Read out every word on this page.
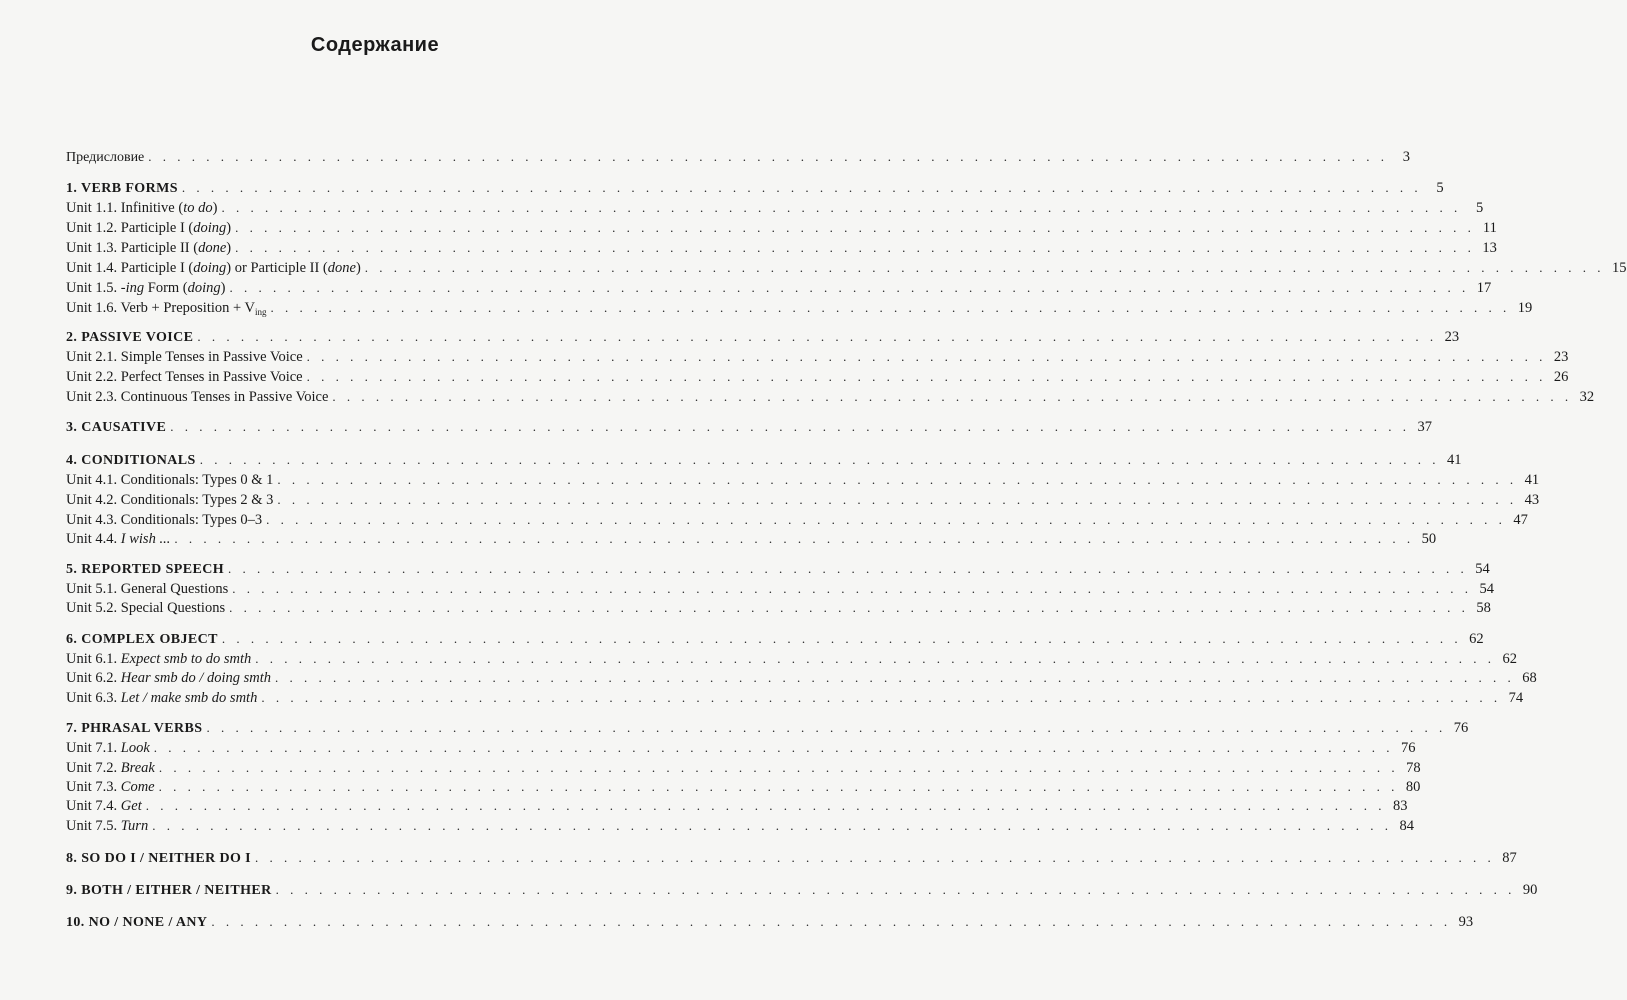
Содержание
Предисловие . . . . . . . . . . . . . . . . . . . . . . . . . . . . . . . . . . . . . . . . . . . . . . . . . . . . . . . . . . . . . . . . . . . . . . . . . . . . . . . . . . . . . .	3
1. VERB FORMS . . . . . . . . . . . . . . . . . . . . . . . . . . . . . . . . . . . . . . . . . . . . . . . . . . . . . . . . . . . . . . . . . . . . . . . . . . . . . . . . . . . . . .	5
Unit 1.1. Infinitive (to do) . . . . . . . . . . . . . . . . . . . . . . . . . . . . . . . . . . . . . . . . . . . . . . . . . . . . . . . . . . . . . . . . . . . . . . . . . . . . . . . . . . . . . .	5
Unit 1.2. Participle I (doing) . . . . . . . . . . . . . . . . . . . . . . . . . . . . . . . . . . . . . . . . . . . . . . . . . . . . . . . . . . . . . . . . . . . . . . . . . . . . . . . . . . . . . . 11
Unit 1.3. Participle II (done) . . . . . . . . . . . . . . . . . . . . . . . . . . . . . . . . . . . . . . . . . . . . . . . . . . . . . . . . . . . . . . . . . . . . . . . . . . . . . . . . . . . . . . 13
Unit 1.4. Participle I (doing) or Participle II (done) . . . . . . . . . . . . . . . . . . . . . . . . . . . . . . . . . . . . . . . . . . . . . . . . . . . . . . . . . . . . . . . . . . . . . . . . . . . . . . . . . . . . . . 15
Unit 1.5. -ing Form (doing) . . . . . . . . . . . . . . . . . . . . . . . . . . . . . . . . . . . . . . . . . . . . . . . . . . . . . . . . . . . . . . . . . . . . . . . . . . . . . . . . . . . . . . 17
Unit 1.6. Verb + Preposition + $V_{ing}$ . . . . . . . . . . . . . . . . . . . . . . . . . . . . . . . . . . . . . . . . . . . . . . . . . . . . . . . . . . . . . . . . . . . . . . . . . . . . . . . . . . . . . . 19
2. PASSIVE VOICE . . . . . . . . . . . . . . . . . . . . . . . . . . . . . . . . . . . . . . . . . . . . . . . . . . . . . . . . . . . . . . . . . . . . . . . . . . . . . . . . . . . . . . 23
Unit 2.1. Simple Tenses in Passive Voice . . . . . . . . . . . . . . . . . . . . . . . . . . . . . . . . . . . . . . . . . . . . . . . . . . . . . . . . . . . . . . . . . . . . . . . . . . . . . . . . . . . . . . 23
Unit 2.2. Perfect Tenses in Passive Voice . . . . . . . . . . . . . . . . . . . . . . . . . . . . . . . . . . . . . . . . . . . . . . . . . . . . . . . . . . . . . . . . . . . . . . . . . . . . . . . . . . . . . . 26
Unit 2.3. Continuous Tenses in Passive Voice . . . . . . . . . . . . . . . . . . . . . . . . . . . . . . . . . . . . . . . . . . . . . . . . . . . . . . . . . . . . . . . . . . . . . . . . . . . . . . . . . . . . . . 32
3. CAUSATIVE . . . . . . . . . . . . . . . . . . . . . . . . . . . . . . . . . . . . . . . . . . . . . . . . . . . . . . . . . . . . . . . . . . . . . . . . . . . . . . . . . . . . . . 37
4. CONDITIONALS . . . . . . . . . . . . . . . . . . . . . . . . . . . . . . . . . . . . . . . . . . . . . . . . . . . . . . . . . . . . . . . . . . . . . . . . . . . . . . . . . . . . . . 41
Unit 4.1. Conditionals: Types 0 & 1 . . . . . . . . . . . . . . . . . . . . . . . . . . . . . . . . . . . . . . . . . . . . . . . . . . . . . . . . . . . . . . . . . . . . . . . . . . . . . . . . . . . . . . 41
Unit 4.2. Conditionals: Types 2 & 3 . . . . . . . . . . . . . . . . . . . . . . . . . . . . . . . . . . . . . . . . . . . . . . . . . . . . . . . . . . . . . . . . . . . . . . . . . . . . . . . . . . . . . . 43
Unit 4.3. Conditionals: Types 0–3 . . . . . . . . . . . . . . . . . . . . . . . . . . . . . . . . . . . . . . . . . . . . . . . . . . . . . . . . . . . . . . . . . . . . . . . . . . . . . . . . . . . . . . 47
Unit 4.4. I wish ... . . . . . . . . . . . . . . . . . . . . . . . . . . . . . . . . . . . . . . . . . . . . . . . . . . . . . . . . . . . . . . . . . . . . . . . . . . . . . . . . . . . . . . 50
5. REPORTED SPEECH . . . . . . . . . . . . . . . . . . . . . . . . . . . . . . . . . . . . . . . . . . . . . . . . . . . . . . . . . . . . . . . . . . . . . . . . . . . . . . . . . . . . . . 54
Unit 5.1. General Questions . . . . . . . . . . . . . . . . . . . . . . . . . . . . . . . . . . . . . . . . . . . . . . . . . . . . . . . . . . . . . . . . . . . . . . . . . . . . . . . . . . . . . . 54
Unit 5.2. Special Questions . . . . . . . . . . . . . . . . . . . . . . . . . . . . . . . . . . . . . . . . . . . . . . . . . . . . . . . . . . . . . . . . . . . . . . . . . . . . . . . . . . . . . . 58
6. COMPLEX OBJECT . . . . . . . . . . . . . . . . . . . . . . . . . . . . . . . . . . . . . . . . . . . . . . . . . . . . . . . . . . . . . . . . . . . . . . . . . . . . . . . . . . . . . . 62
Unit 6.1. Expect smb to do smth . . . . . . . . . . . . . . . . . . . . . . . . . . . . . . . . . . . . . . . . . . . . . . . . . . . . . . . . . . . . . . . . . . . . . . . . . . . . . . . . . . . . . . 62
Unit 6.2. Hear smb do / doing smth . . . . . . . . . . . . . . . . . . . . . . . . . . . . . . . . . . . . . . . . . . . . . . . . . . . . . . . . . . . . . . . . . . . . . . . . . . . . . . . . . . . . . . 68
Unit 6.3. Let / make smb do smth . . . . . . . . . . . . . . . . . . . . . . . . . . . . . . . . . . . . . . . . . . . . . . . . . . . . . . . . . . . . . . . . . . . . . . . . . . . . . . . . . . . . . . 74
7. PHRASAL VERBS . . . . . . . . . . . . . . . . . . . . . . . . . . . . . . . . . . . . . . . . . . . . . . . . . . . . . . . . . . . . . . . . . . . . . . . . . . . . . . . . . . . . . . 76
Unit 7.1. Look . . . . . . . . . . . . . . . . . . . . . . . . . . . . . . . . . . . . . . . . . . . . . . . . . . . . . . . . . . . . . . . . . . . . . . . . . . . . . . . . . . . . . . 76
Unit 7.2. Break . . . . . . . . . . . . . . . . . . . . . . . . . . . . . . . . . . . . . . . . . . . . . . . . . . . . . . . . . . . . . . . . . . . . . . . . . . . . . . . . . . . . . . 78
Unit 7.3. Come . . . . . . . . . . . . . . . . . . . . . . . . . . . . . . . . . . . . . . . . . . . . . . . . . . . . . . . . . . . . . . . . . . . . . . . . . . . . . . . . . . . . . . 80
Unit 7.4. Get . . . . . . . . . . . . . . . . . . . . . . . . . . . . . . . . . . . . . . . . . . . . . . . . . . . . . . . . . . . . . . . . . . . . . . . . . . . . . . . . . . . . . . 83
Unit 7.5. Turn . . . . . . . . . . . . . . . . . . . . . . . . . . . . . . . . . . . . . . . . . . . . . . . . . . . . . . . . . . . . . . . . . . . . . . . . . . . . . . . . . . . . . . 84
8. SO DO I / NEITHER DO I . . . . . . . . . . . . . . . . . . . . . . . . . . . . . . . . . . . . . . . . . . . . . . . . . . . . . . . . . . . . . . . . . . . . . . . . . . . . . . . . . . . . . . 87
9. BOTH / EITHER / NEITHER . . . . . . . . . . . . . . . . . . . . . . . . . . . . . . . . . . . . . . . . . . . . . . . . . . . . . . . . . . . . . . . . . . . . . . . . . . . . . . . . . . . . . . 90
10. NO / NONE / ANY . . . . . . . . . . . . . . . . . . . . . . . . . . . . . . . . . . . . . . . . . . . . . . . . . . . . . . . . . . . . . . . . . . . . . . . . . . . . . . . . . . . . . . 93
